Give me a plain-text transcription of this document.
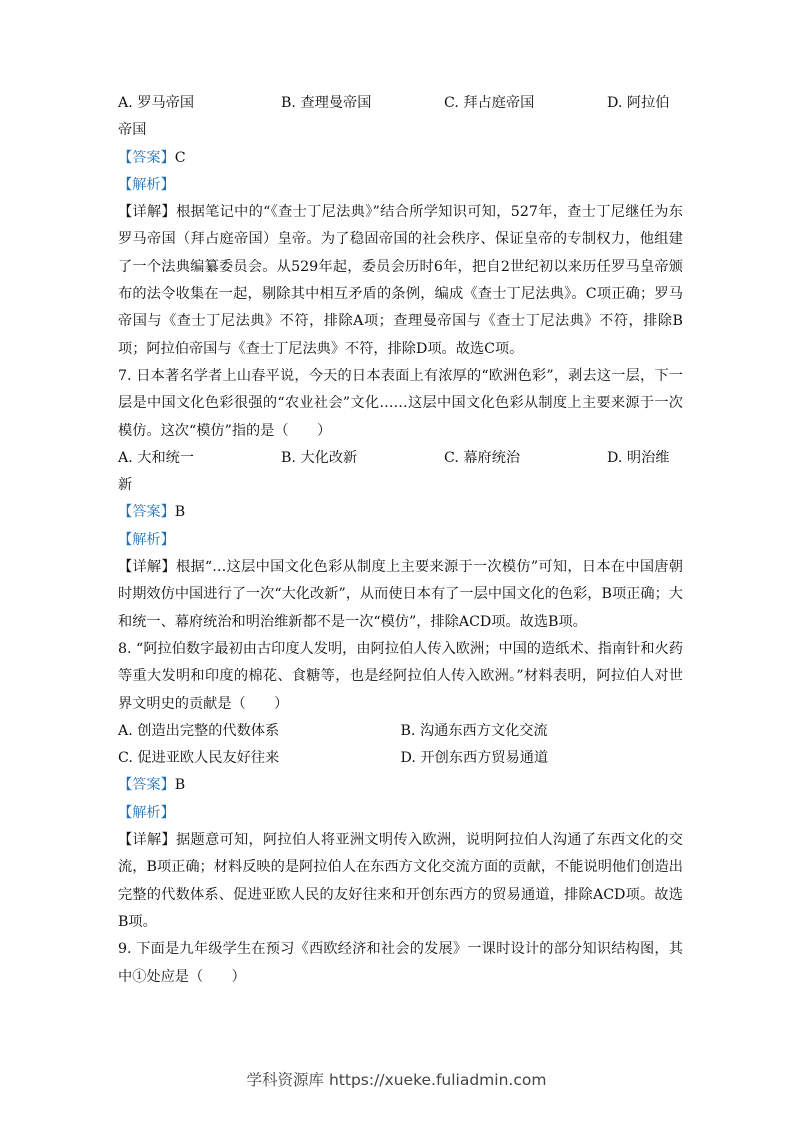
A. 罗马帝国	B. 查理曼帝国	C. 拜占庭帝国	D. 阿拉伯
帝国
【答案】C
【解析】
【详解】根据笔记中的“《查士丁尼法典》”结合所学知识可知，527年，查士丁尼继任为东罗马帝国（拜占庭帝国）皇帝。为了稳固帝国的社会秩序、保证皇帝的专制权力，他组建了一个法典编纂委员会。从529年起，委员会历时6年，把自2世纪初以来历任罗马皇帝颁布的法令收集在一起，剔除其中相互矛盾的条例，编成《查士丁尼法典》。C项正确；罗马帝国与《查士丁尼法典》不符，排除A项；查理曼帝国与《查士丁尼法典》不符，排除B项；阿拉伯帝国与《查士丁尼法典》不符，排除D项。故选C项。
7. 日本著名学者上山春平说，今天的日本表面上有浓厚的“欧洲色彩”，剥去这一层，下一层是中国文化色彩很强的“农业社会”文化……这层中国文化色彩从制度上主要来源于一次模仿。这次“模仿”指的是（　　）
A. 大和统一	B. 大化改新	C. 幕府统治	D. 明治维
新
【答案】B
【解析】
【详解】根据“…这层中国文化色彩从制度上主要来源于一次模仿”可知，日本在中国唐朝时期效仿中国进行了一次“大化改新”，从而使日本有了一层中国文化的色彩，B项正确；大和统一、幕府统治和明治维新都不是一次“模仿”，排除ACD项。故选B项。
8. “阿拉伯数字最初由古印度人发明，由阿拉伯人传入欧洲；中国的造纸术、指南针和火药等重大发明和印度的棉花、食糖等，也是经阿拉伯人传入欧洲。”材料表明，阿拉伯人对世界文明史的贡献是（　　）
A. 创造出完整的代数体系	B. 沟通东西方文化交流
C. 促进亚欧人民友好往来	D. 开创东西方贸易通道
【答案】B
【解析】
【详解】据题意可知，阿拉伯人将亚洲文明传入欧洲，说明阿拉伯人沟通了东西文化的交流，B项正确；材料反映的是阿拉伯人在东西方文化交流方面的贡献，不能说明他们创造出完整的代数体系、促进亚欧人民的友好往来和开创东西方的贸易通道，排除ACD项。故选B项。
9. 下面是九年级学生在预习《西欧经济和社会的发展》一课时设计的部分知识结构图，其中①处应是（　　）
学科资源库 https://xueke.fuliadmin.com
